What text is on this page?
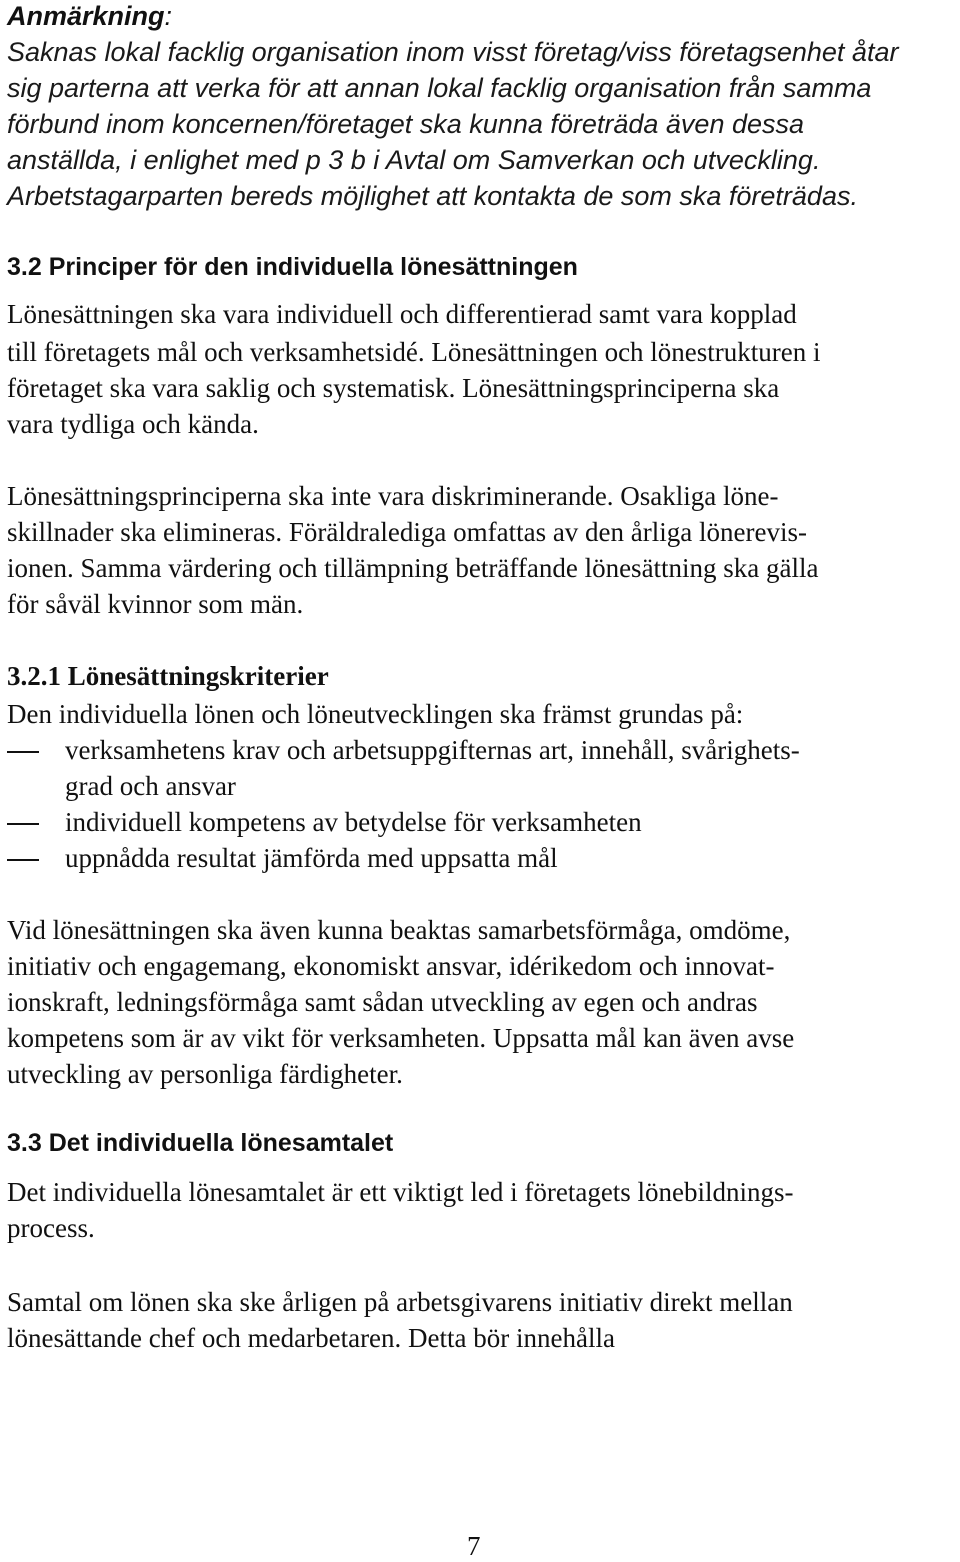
Anmärkning:
Saknas lokal facklig organisation inom visst företag/viss företagsenhet åtar
sig parterna att verka för att annan lokal facklig organisation från samma
förbund inom koncernen/företaget ska kunna företräda även dessa
anställda, i enlighet med p 3 b i Avtal om Samverkan och utveckling.
Arbetstagarparten bereds möjlighet att kontakta de som ska företrädas.
3.2 Principer för den individuella lönesättningen
Lönesättningen ska vara individuell och differentierad samt vara kopplad
till företagets mål och verksamhetsidé. Lönesättningen och lönestrukturen i
företaget ska vara saklig och systematisk. Lönesättningsprinciperna ska
vara tydliga och kända.
Lönesättningsprinciperna ska inte vara diskriminerande. Osakliga löne-
skillnader ska elimineras. Föräldralediga omfattas av den årliga lönerevis-
ionen. Samma värdering och tillämpning beträffande lönesättning ska gälla
för såväl kvinnor som män.
3.2.1 Lönesättningskriterier
Den individuella lönen och löneutvecklingen ska främst grundas på:
verksamhetens krav och arbetsuppgifternas art, innehåll, svårighets-
grad och ansvar
individuell kompetens av betydelse för verksamheten
uppnådda resultat jämförda med uppsatta mål
Vid lönesättningen ska även kunna beaktas samarbetsförmåga, omdöme,
initiativ och engagemang, ekonomiskt ansvar, idérikedom och innovat-
ionskraft, ledningsförmåga samt sådan utveckling av egen och andras
kompetens som är av vikt för verksamheten. Uppsatta mål kan även avse
utveckling av personliga färdigheter.
3.3 Det individuella lönesamtalet
Det individuella lönesamtalet är ett viktigt led i företagets lönebildnings-
process.
Samtal om lönen ska ske årligen på arbetsgivarens initiativ direkt mellan
lönesättande chef och medarbetaren. Detta bör innehålla
7
